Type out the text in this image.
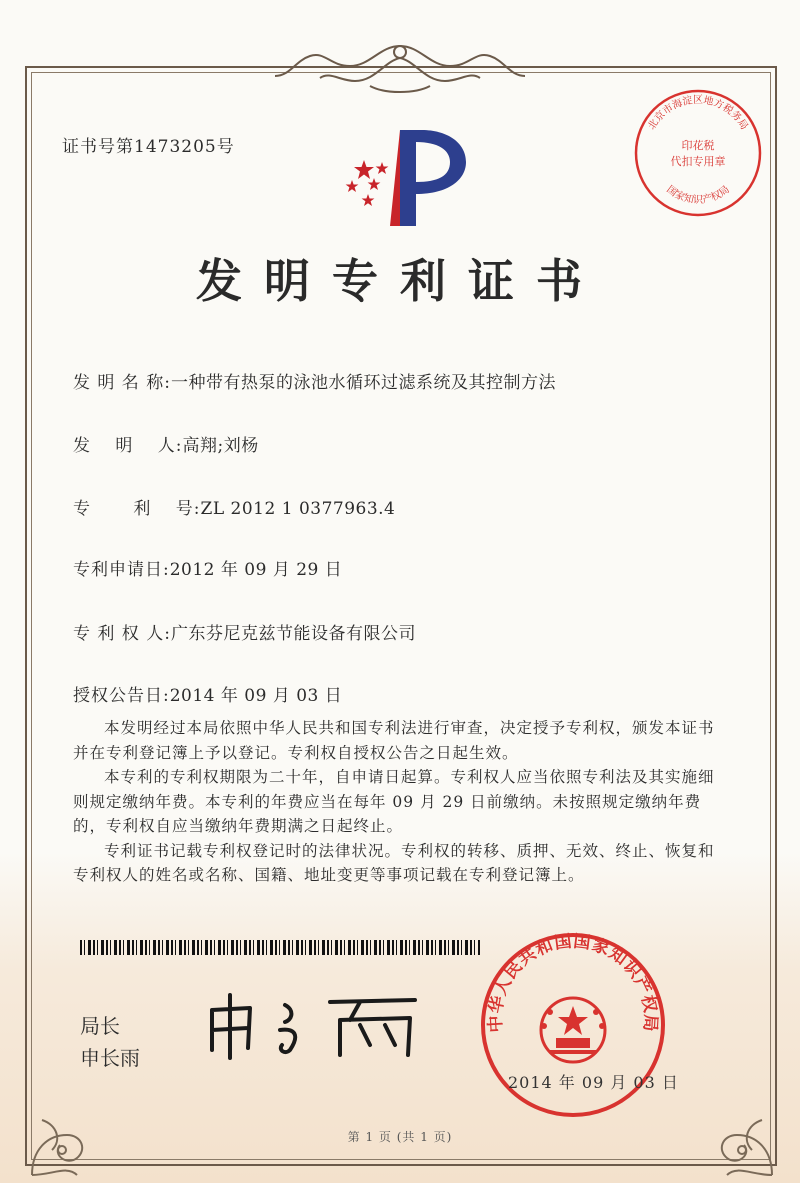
证书号第1473205号
北京市海淀区地方税务局
印花税
代扣专用章
国家知识产权局
发明专利证书
发 明 名 称:一种带有热泵的泳池水循环过滤系统及其控制方法
发　 明　 人:高翔;刘杨
专　　 利　 号:ZL 2012 1 0377963.4
专利申请日:2012 年 09 月 29 日
专 利 权 人:广东芬尼克兹节能设备有限公司
授权公告日:2014 年 09 月 03 日

本发明经过本局依照中华人民共和国专利法进行审查，决定授予专利权，颁发本证书并在专利登记簿上予以登记。专利权自授权公告之日起生效。

本专利的专利权期限为二十年，自申请日起算。专利权人应当依照专利法及其实施细则规定缴纳年费。本专利的年费应当在每年 09 月 29 日前缴纳。未按照规定缴纳年费的，专利权自应当缴纳年费期满之日起终止。

专利证书记载专利权登记时的法律状况。专利权的转移、质押、无效、终止、恢复和专利权人的姓名或名称、国籍、地址变更等事项记载在专利登记簿上。

局长
申长雨
中华人民共和国国家知识产权局
2014 年 09 月 03 日
第 1 页 (共 1 页)
